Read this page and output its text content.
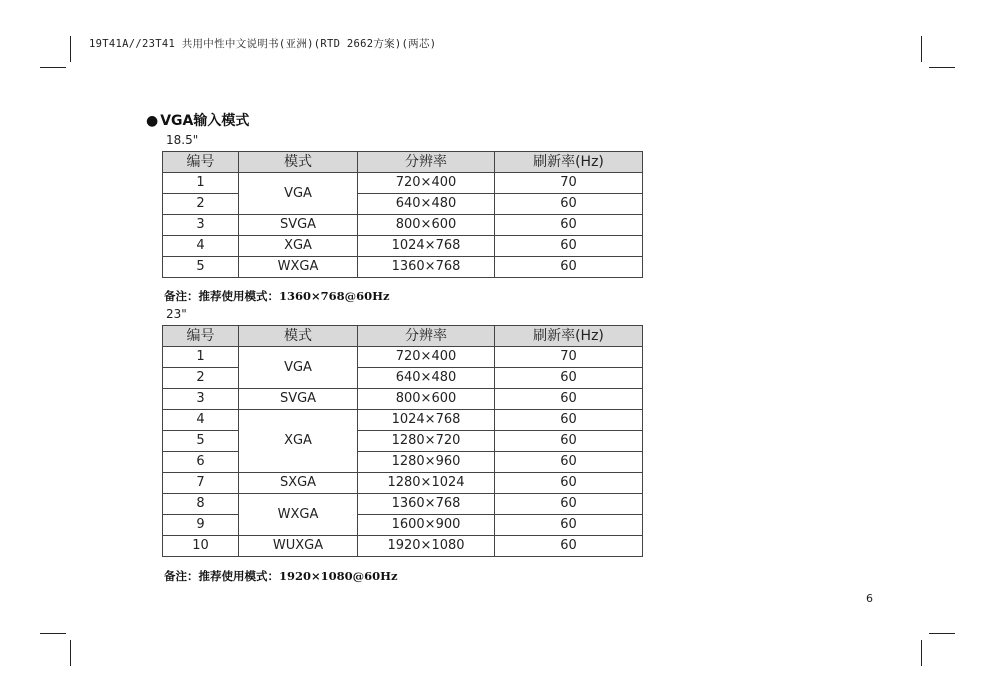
19T41A//23T41 共用中性中文说明书(亚洲)(RTD 2662方案)(两芯)
● VGA输入模式
18.5"
编号	模式	分辨率	刷新率(Hz)
1	VGA	720×400	70
2		640×480	60
3	SVGA	800×600	60
4	XGA	1024×768	60
5	WXGA	1360×768	60
备注：推荐使用模式：1360×768@60Hz
23"
编号	模式	分辨率	刷新率(Hz)
1	VGA	720×400	70
2		640×480	60
3	SVGA	800×600	60
4	XGA	1024×768	60
5		1280×720	60
6		1280×960	60
7	SXGA	1280×1024	60
8	WXGA	1360×768	60
9		1600×900	60
10	WUXGA	1920×1080	60
备注：推荐使用模式：1920×1080@60Hz
6
